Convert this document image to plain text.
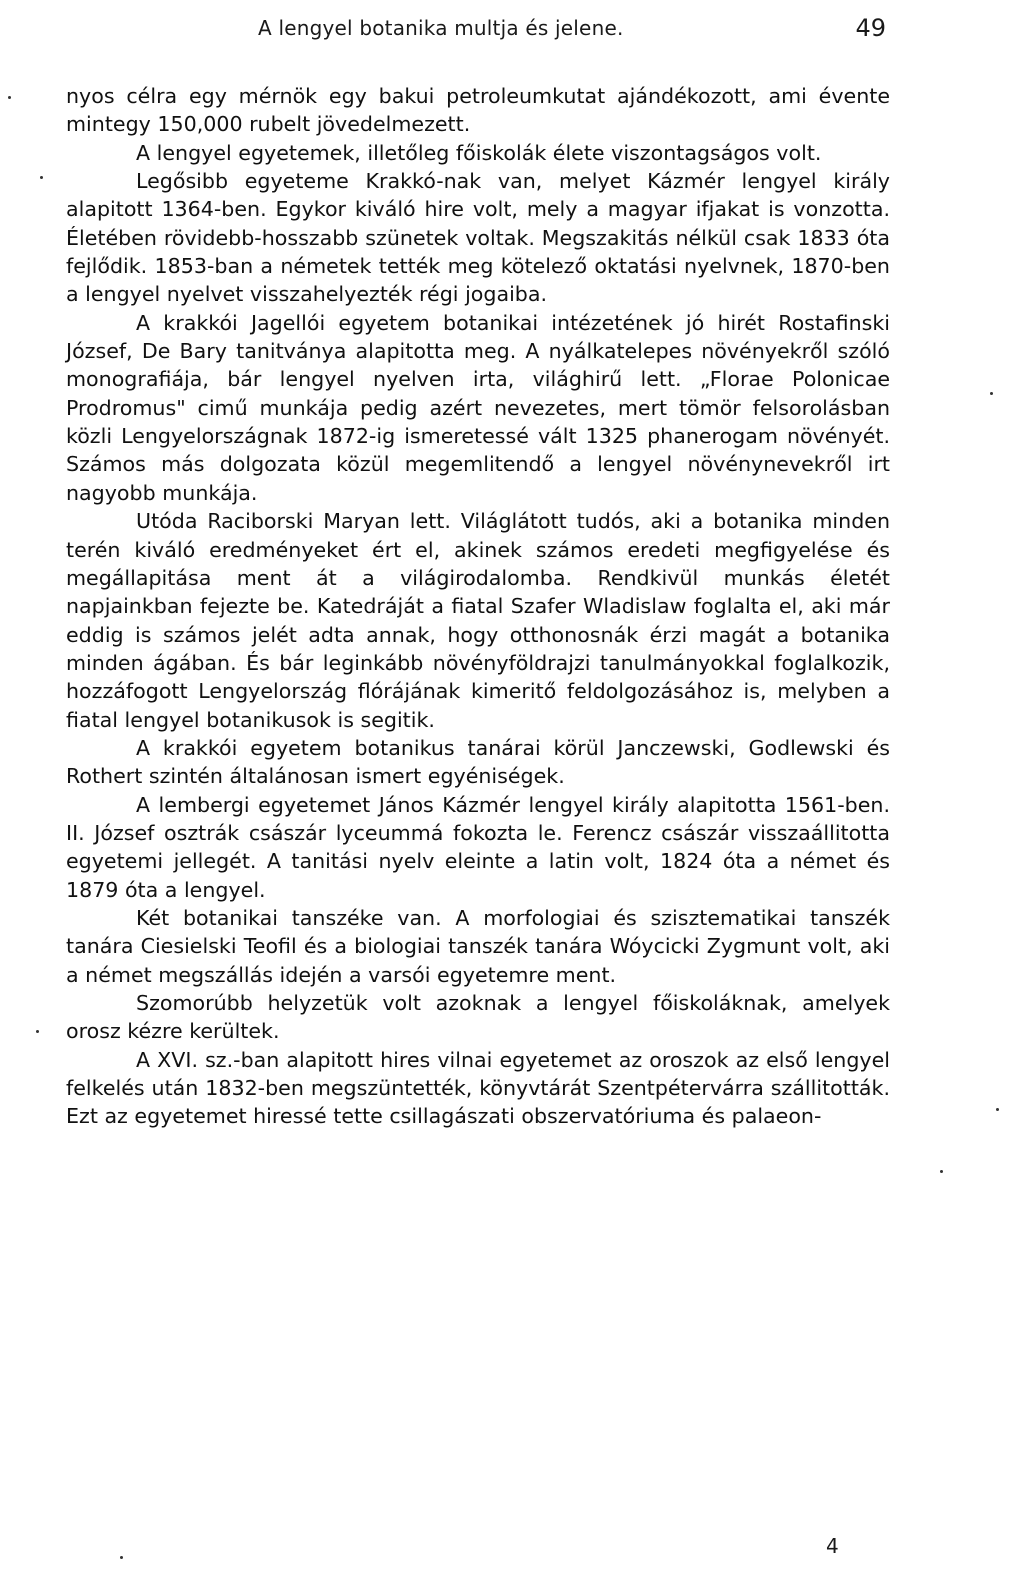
A lengyel botanika multja és jelene.	49

nyos célra egy mérnök egy bakui petroleumkutat ajándékozott, ami évente mintegy 150,000 rubelt jövedelmezett.

A lengyel egyetemek, illetőleg főiskolák élete viszontagságos volt.

Legősibb egyeteme Krakkó-nak van, melyet Kázmér lengyel király alapitott 1364-ben. Egykor kiváló hire volt, mely a magyar ifjakat is vonzotta. Életében rövidebb-hosszabb szünetek voltak. Megszakitás nélkül csak 1833 óta fejlődik. 1853-ban a németek tették meg kötelező oktatási nyelvnek, 1870-ben a lengyel nyelvet visszahelyezték régi jogaiba.

A krakkói Jagellói egyetem botanikai intézetének jó hirét Rostafinski József, De Bary tanitványa alapitotta meg. A nyálkatelepes növényekről szóló monografiája, bár lengyel nyelven irta, világhirű lett. „Florae Polonicae Prodromus" cimű munkája pedig azért nevezetes, mert tömör felsorolásban közli Lengyelországnak 1872-ig ismeretessé vált 1325 phanerogam növényét. Számos más dolgozata közül megemlitendő a lengyel növénynevekről irt nagyobb munkája.

Utóda Raciborski Maryan lett. Világlátott tudós, aki a botanika minden terén kiváló eredményeket ért el, akinek számos eredeti megfigyelése és megállapitása ment át a világirodalomba. Rendkivül munkás életét napjainkban fejezte be. Katedráját a fiatal Szafer Wladislaw foglalta el, aki már eddig is számos jelét adta annak, hogy otthonosnák érzi magát a botanika minden ágában. És bár leginkább növényföldrajzi tanulmányokkal foglalkozik, hozzáfogott Lengyelország flórájának kimeritő feldolgozásához is, melyben a fiatal lengyel botanikusok is segitik.

A krakkói egyetem botanikus tanárai körül Janczewski, Godlewski és Rothert szintén általánosan ismert egyéniségek.

A lembergi egyetemet János Kázmér lengyel király alapitotta 1561-ben. II. József osztrák császár lyceummá fokozta le. Ferencz császár visszaállitotta egyetemi jellegét. A tanitási nyelv eleinte a latin volt, 1824 óta a német és 1879 óta a lengyel.

Két botanikai tanszéke van. A morfologiai és szisztematikai tanszék tanára Ciesielski Teofil és a biologiai tanszék tanára Wóycicki Zygmunt volt, aki a német megszállás idején a varsói egyetemre ment.

Szomorúbb helyzetük volt azoknak a lengyel főiskoláknak, amelyek orosz kézre kerültek.

A XVI. sz.-ban alapitott hires vilnai egyetemet az oroszok az első lengyel felkelés után 1832-ben megszüntették, könyvtárát Szentpétervárra szállitották. Ezt az egyetemet hiressé tette csillagászati obszervatóriuma és palaeon-

4
